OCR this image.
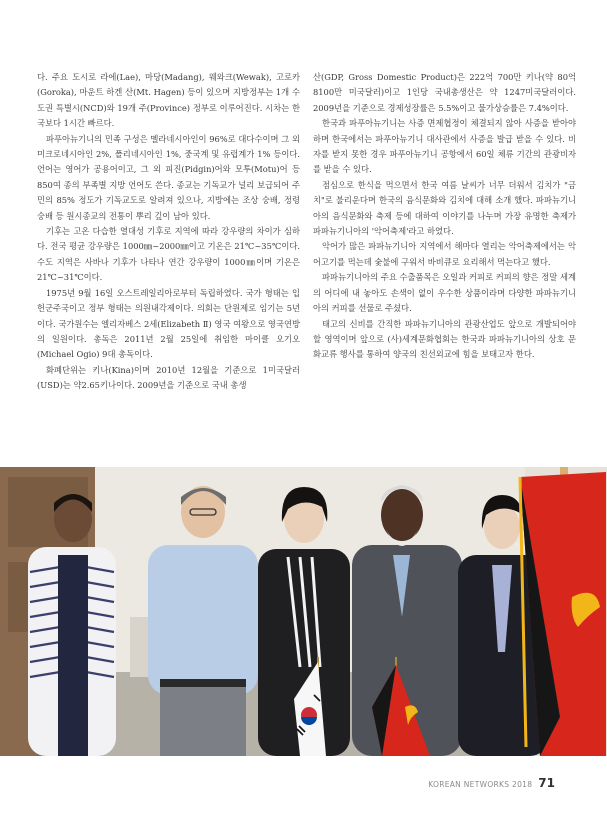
다. 주요 도시로 라에(Lae), 마당(Madang), 웨와크(Wewak), 고로카(Goroka), 마운트 하겐 산(Mt. Hagen) 등이 있으며 지방정부는 1개 수도권 특별시(NCD)와 19개 주(Province) 정부로 이루어진다. 시차는 한국보다 1시간 빠르다.

파푸아뉴기니의 민족 구성은 멜라네시아인이 96%로 대다수이며 그 외 미크로네시아인 2%, 폴리네시아인 1%, 중국계 및 유럽계가 1% 등이다. 언어는 영어가 공용어이고, 그 외 피진(Pidgin)어와 모투(Motu)어 등 850여 종의 부족별 지방 언어도 쓴다. 종교는 기독교가 널리 보급되어 주민의 85% 정도가 기독교도로 알려져 있으나, 지방에는 조상 숭배, 정령 숭배 등 원시종교의 전통이 뿌리 깊이 남아 있다.

기후는 고온 다습한 열대성 기후로 지역에 따라 강우량의 차이가 심하다. 전국 평균 강우량은 1000㎜~2000㎜이고 기온은 21℃~35℃이다. 수도 지역은 사바나 기후가 나타나 연간 강우량이 1000㎜이며 기온은 21℃~31℃이다.

1975년 9월 16일 오스트레일리아로부터 독립하였다. 국가 형태는 입헌군주국이고 정부 형태는 의원내각제이다. 의회는 단원제로 임기는 5년이다. 국가원수는 엘리자베스 2세(Elizabeth Ⅱ) 영국 여왕으로 영국연방의 일원이다. 총독은 2011년 2월 25일에 취임한 마이클 오기오(Michael Ogio) 9대 총독이다.

화폐단위는 키나(Kina)이며 2010년 12월을 기준으로 1미국달러(USD)는 약2.65키나이다. 2009년을 기준으로 국내 총생

산(GDP, Gross Domestic Product)은 222억 700만 키나(약 80억 8100만 미국달러)이고 1인당 국내총생산은 약 1247미국달러이다. 2009년을 기준으로 경제성장률은 5.5%이고 물가상승률은 7.4%이다.

한국과 파푸아뉴기니는 사증 면제협정이 체결되지 않아 사증을 받아야 하며 한국에서는 파푸아뉴기니 대사관에서 사증을 발급 받을 수 있다. 비자를 받지 못한 경우 파푸아뉴기니 공항에서 60일 체류 기간의 관광비자를 받을 수 있다.

점심으로 한식을 먹으면서 한국 여름 날씨가 너무 더워서 김치가 "금치"로 불리운다며 한국의 음식문화와 김치에 대해 소개 했다. 파파뉴기니아의 음식문화와 축제 등에 대하여 이야기를 나누며 가장 유명한 축제가 파파뉴기니아의 '악어축제'라고 하였다.

악어가 많은 파파뉴기니아 지역에서 해마다 열리는 악어축제에서는 악어고기를 먹는데 숯불에 구워서 바비큐로 요리해서 먹는다고 했다.

파파뉴기니아의 주요 수출품목은 오일과 커피로 커피의 향은 정말 세계의 어디에 내 놓아도 손색이 없이 우수한 상품이라며 다양한 파파뉴기니아의 커피를 선물로 주셨다.

태고의 신비를 간직한 파파뉴기니아의 관광산업도 앞으로 개발되어야 할 영역이며 앞으로 (사)세계문화협회는 한국과 파파뉴기니아의 상호 문화교류 행사를 통하여 양국의 친선외교에 힘을 보태고자 한다.

KOREAN NETWORKS 2018 71
